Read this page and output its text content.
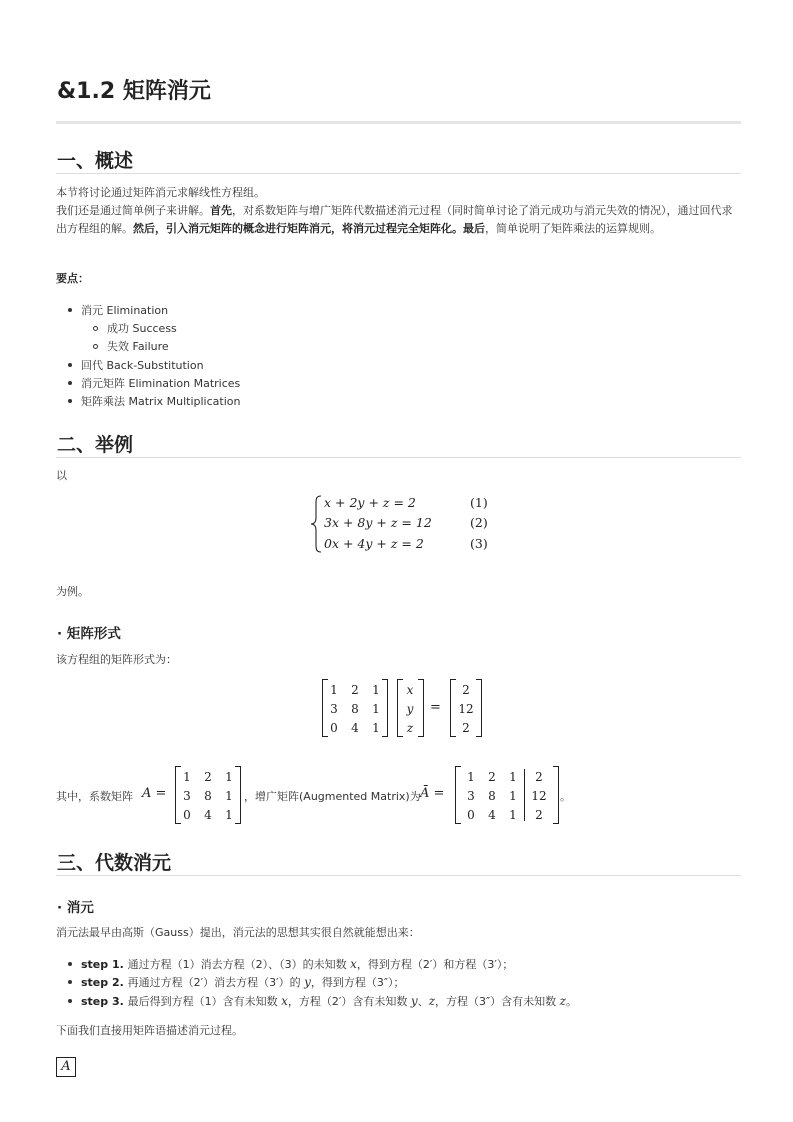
&1.2 矩阵消元
一、概述
本节将讨论通过矩阵消元求解线性方程组。
我们还是通过简单例子来讲解。首先，对系数矩阵与增广矩阵代数描述消元过程（同时简单讨论了消元成功与消元失效的情况），通过回代求出方程组的解。然后，引入消元矩阵的概念进行矩阵消元，将消元过程完全矩阵化。最后，简单说明了矩阵乘法的运算规则。
要点：
消元 Elimination
成功 Success
失效 Failure
回代 Back-Substitution
消元矩阵 Elimination Matrices
矩阵乘法 Matrix Multiplication
二、举例
以
x + 2y + z = 2	(1)
3x + 8y + z = 12	(2)
0x + 4y + z = 2	(3)
为例。
· 矩阵形式
该方程组的矩阵形式为：
1	2	1
3	8	1
0	4	1
x
y
z
=
2
12
2
其中，系数矩阵 A =
1	2	1
3	8	1
0	4	1
，增广矩阵(Augmented Matrix)为 Ā =
1	2	1	2
3	8	1	12
0	4	1	2
。
三、代数消元
· 消元
消元法最早由高斯（Gauss）提出，消元法的思想其实很自然就能想出来：
step 1. 通过方程（1）消去方程（2）、（3）的未知数 x，得到方程（2′）和方程（3′）；
step 2. 再通过方程（2′）消去方程（3′）的 y，得到方程（3″）；
step 3. 最后得到方程（1）含有未知数 x，方程（2′）含有未知数 y、z，方程（3″）含有未知数 z。
下面我们直接用矩阵语描述消元过程。
A
